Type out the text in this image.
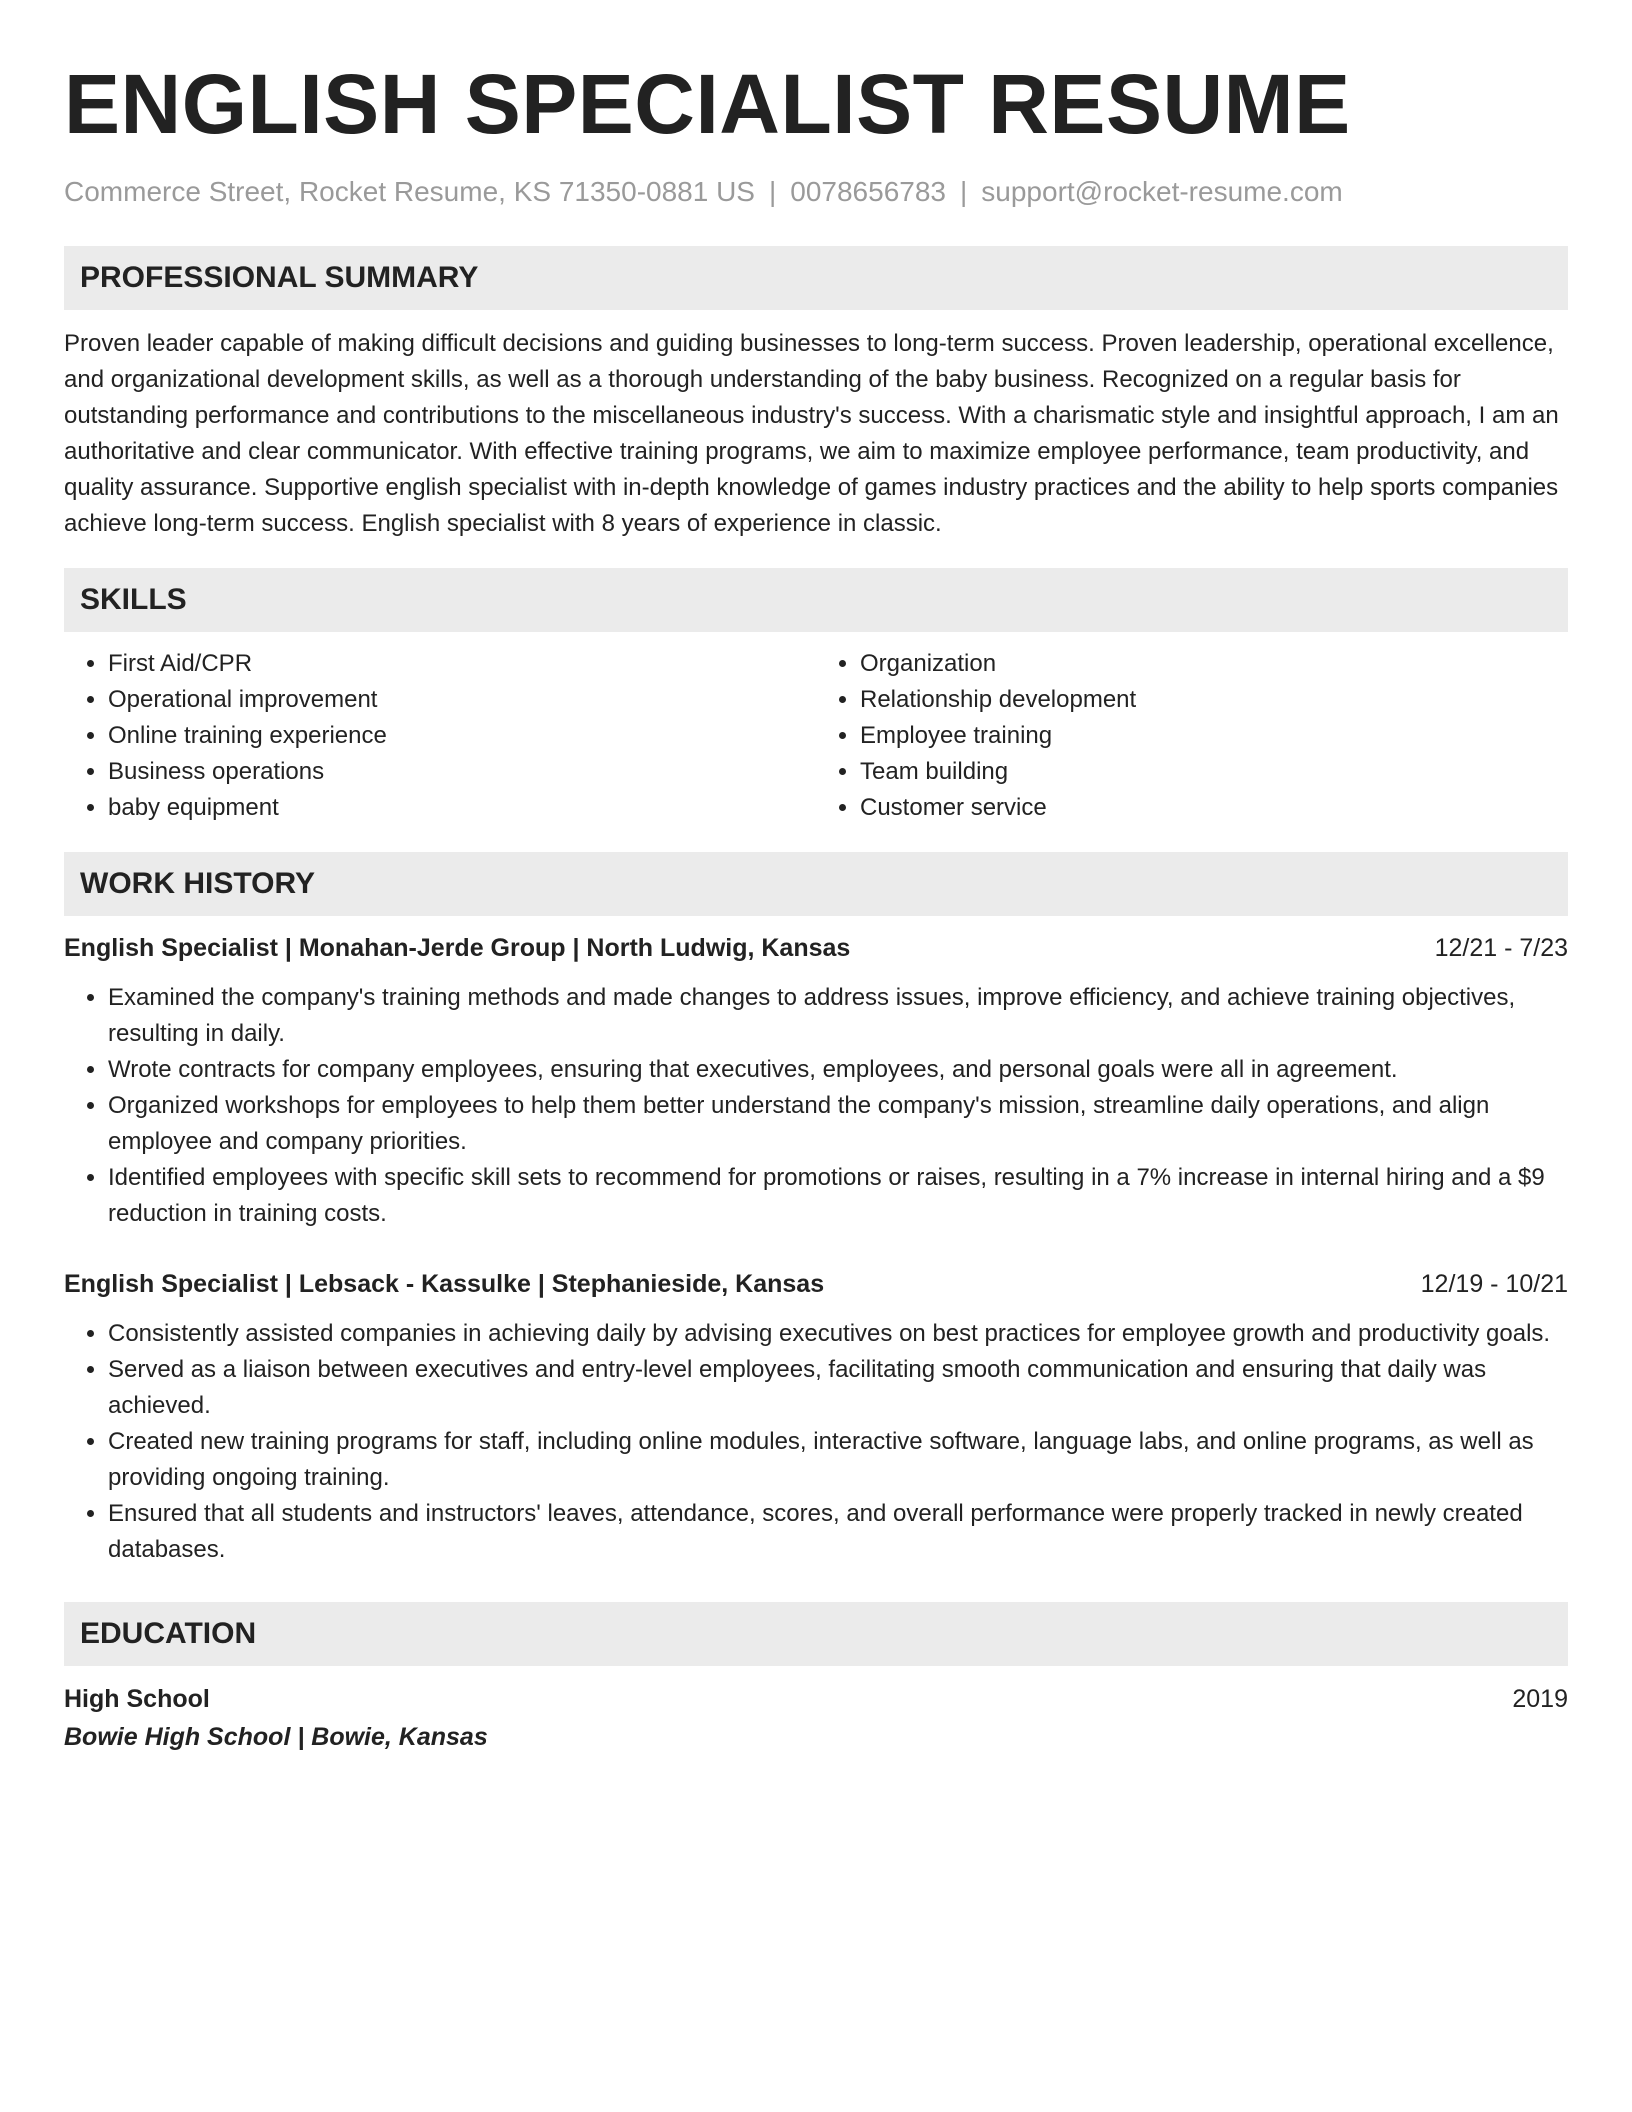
ENGLISH SPECIALIST RESUME
Commerce Street, Rocket Resume, KS 71350-0881 US | 0078656783 | support@rocket-resume.com
PROFESSIONAL SUMMARY

Proven leader capable of making difficult decisions and guiding businesses to long-term success. Proven leadership, operational excellence, and organizational development skills, as well as a thorough understanding of the baby business. Recognized on a regular basis for outstanding performance and contributions to the miscellaneous industry's success. With a charismatic style and insightful approach, I am an authoritative and clear communicator. With effective training programs, we aim to maximize employee performance, team productivity, and quality assurance. Supportive english specialist with in-depth knowledge of games industry practices and the ability to help sports companies achieve long-term success. English specialist with 8 years of experience in classic.

SKILLS
• First Aid/CPR
• Operational improvement
• Online training experience
• Business operations
• baby equipment
• Organization
• Relationship development
• Employee training
• Team building
• Customer service
WORK HISTORY
English Specialist | Monahan-Jerde Group | North Ludwig, Kansas	12/21 - 7/23
• Examined the company's training methods and made changes to address issues, improve efficiency, and achieve training objectives, resulting in daily.
• Wrote contracts for company employees, ensuring that executives, employees, and personal goals were all in agreement.
• Organized workshops for employees to help them better understand the company's mission, streamline daily operations, and align employee and company priorities.
• Identified employees with specific skill sets to recommend for promotions or raises, resulting in a 7% increase in internal hiring and a $9 reduction in training costs.
English Specialist | Lebsack - Kassulke | Stephanieside, Kansas	12/19 - 10/21
• Consistently assisted companies in achieving daily by advising executives on best practices for employee growth and productivity goals.
• Served as a liaison between executives and entry-level employees, facilitating smooth communication and ensuring that daily was achieved.
• Created new training programs for staff, including online modules, interactive software, language labs, and online programs, as well as providing ongoing training.
• Ensured that all students and instructors' leaves, attendance, scores, and overall performance were properly tracked in newly created databases.
EDUCATION
High School	2019
Bowie High School | Bowie, Kansas
